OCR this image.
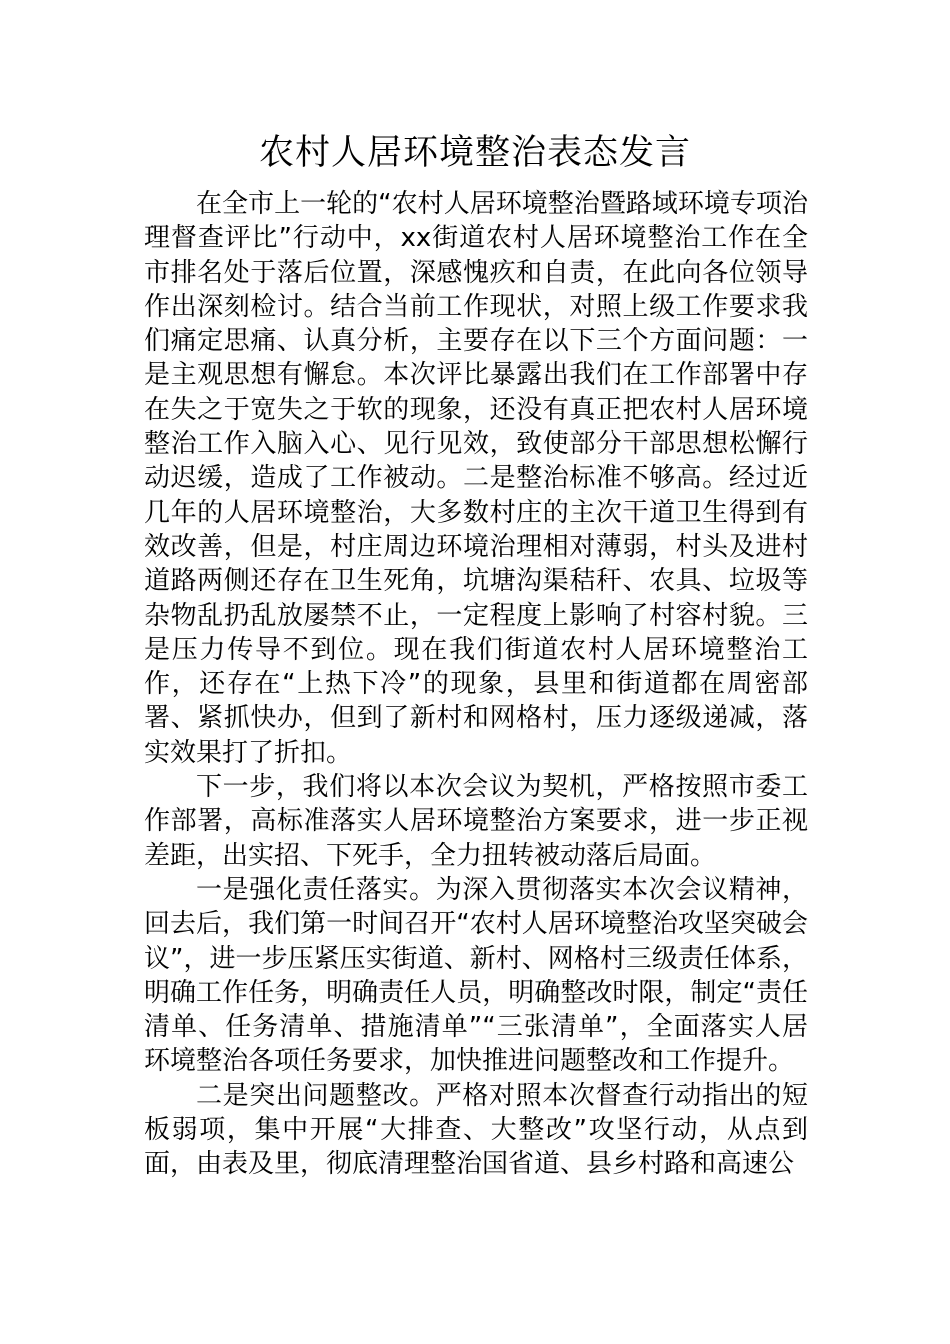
农村人居环境整治表态发言

在全市上一轮的“农村人居环境整治暨路域环境专项治理督查评比”行动中，xx街道农村人居环境整治工作在全市排名处于落后位置，深感愧疚和自责，在此向各位领导作出深刻检讨。结合当前工作现状，对照上级工作要求我们痛定思痛、认真分析，主要存在以下三个方面问题：一是主观思想有懈怠。本次评比暴露出我们在工作部署中存在失之于宽失之于软的现象，还没有真正把农村人居环境整治工作入脑入心、见行见效，致使部分干部思想松懈行动迟缓，造成了工作被动。二是整治标准不够高。经过近几年的人居环境整治，大多数村庄的主次干道卫生得到有效改善，但是，村庄周边环境治理相对薄弱，村头及进村道路两侧还存在卫生死角，坑塘沟渠秸秆、农具、垃圾等杂物乱扔乱放屡禁不止，一定程度上影响了村容村貌。三是压力传导不到位。现在我们街道农村人居环境整治工作，还存在“上热下冷”的现象，县里和街道都在周密部署、紧抓快办，但到了新村和网格村，压力逐级递减，落实效果打了折扣。

下一步，我们将以本次会议为契机，严格按照市委工作部署，高标准落实人居环境整治方案要求，进一步正视差距，出实招、下死手，全力扭转被动落后局面。

一是强化责任落实。为深入贯彻落实本次会议精神，回去后，我们第一时间召开“农村人居环境整治攻坚突破会议”，进一步压紧压实街道、新村、网格村三级责任体系，明确工作任务，明确责任人员，明确整改时限，制定“责任清单、任务清单、措施清单”“三张清单”，全面落实人居环境整治各项任务要求，加快推进问题整改和工作提升。

二是突出问题整改。严格对照本次督查行动指出的短板弱项，集中开展“大排查、大整改”攻坚行动，从点到面，由表及里，彻底清理整治国省道、县乡村路和高速公
